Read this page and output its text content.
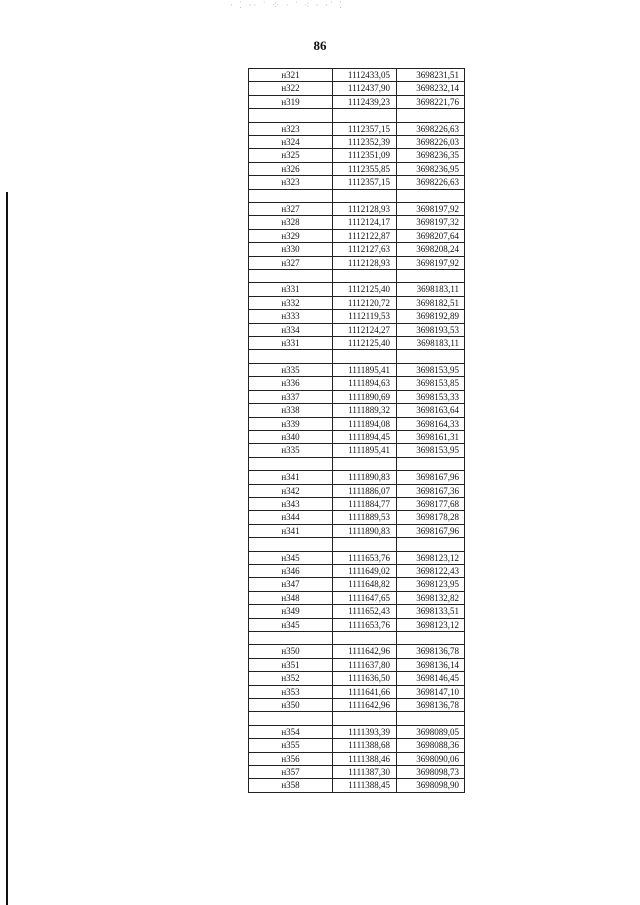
· ⁚ ·· ˙ ⁘ · ˙ ⁖ · ·˙ ⁚
86
н321	1112433,05	3698231,51
н322	1112437,90	3698232,14
н319	1112439,23	3698221,76

н323	1112357,15	3698226,63
н324	1112352,39	3698226,03
н325	1112351,09	3698236,35
н326	1112355,85	3698236,95
н323	1112357,15	3698226,63

н327	1112128,93	3698197,92
н328	1112124,17	3698197,32
н329	1112122,87	3698207,64
н330	1112127,63	3698208,24
н327	1112128,93	3698197,92

н331	1112125,40	3698183,11
н332	1112120,72	3698182,51
н333	1112119,53	3698192,89
н334	1112124,27	3698193,53
н331	1112125,40	3698183,11

н335	1111895,41	3698153,95
н336	1111894,63	3698153,85
н337	1111890,69	3698153,33
н338	1111889,32	3698163,64
н339	1111894,08	3698164,33
н340	1111894,45	3698161,31
н335	1111895,41	3698153,95

н341	1111890,83	3698167,96
н342	1111886,07	3698167,36
н343	1111884,77	3698177,68
н344	1111889,53	3698178,28
н341	1111890,83	3698167,96

н345	1111653,76	3698123,12
н346	1111649,02	3698122,43
н347	1111648,82	3698123,95
н348	1111647,65	3698132,82
н349	1111652,43	3698133,51
н345	1111653,76	3698123,12

н350	1111642,96	3698136,78
н351	1111637,80	3698136,14
н352	1111636,50	3698146,45
н353	1111641,66	3698147,10
н350	1111642,96	3698136,78

н354	1111393,39	3698089,05
н355	1111388,68	3698088,36
н356	1111388,46	3698090,06
н357	1111387,30	3698098,73
н358	1111388,45	3698098,90
